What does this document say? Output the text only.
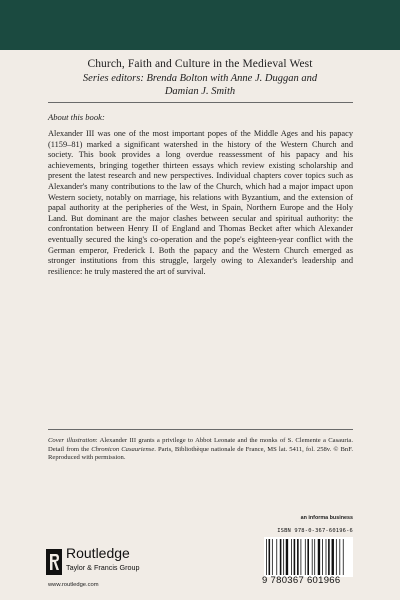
Church, Faith and Culture in the Medieval West
Series editors: Brenda Bolton with Anne J. Duggan and
Damian J. Smith
About this book:
Alexander III was one of the most important popes of the Middle Ages and his papacy (1159–81) marked a significant watershed in the history of the Western Church and society. This book provides a long overdue reassessment of his papacy and his achievements, bringing together thirteen essays which review existing scholarship and present the latest research and new perspectives. Individual chapters cover topics such as Alexander's many contributions to the law of the Church, which had a major impact upon Western society, notably on marriage, his relations with Byzantium, and the extension of papal authority at the peripheries of the West, in Spain, Northern Europe and the Holy Land. But dominant are the major clashes between secular and spiritual authority: the confrontation between Henry II of England and Thomas Becket after which Alexander eventually secured the king's co-operation and the pope's eighteen-year conflict with the German emperor, Frederick I. Both the papacy and the Western Church emerged as stronger institutions from this struggle, largely owing to Alexander's leadership and resilience: he truly mastered the art of survival.
Cover illustration: Alexander III grants a privilege to Abbot Leonate and the monks of S. Clemente a Casauria. Detail from the Chronicon Casauriense. Paris, Bibliothèque nationale de France, MS lat. 5411, fol. 258v. © BnF. Reproduced with permission.
an informa business
ISBN 978-0-367-60196-6
9 780367 601966
Routledge
Taylor & Francis Group
www.routledge.com
